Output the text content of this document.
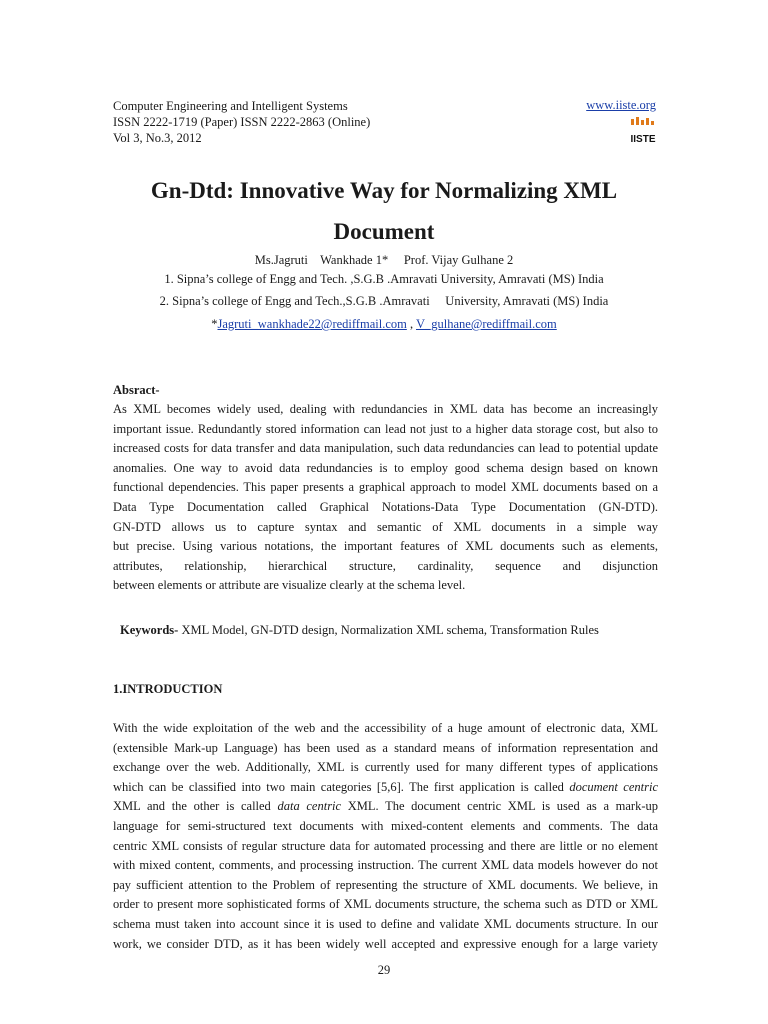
Computer Engineering and Intelligent Systems
ISSN 2222-1719 (Paper) ISSN 2222-2863 (Online)
Vol 3, No.3, 2012
www.iiste.org
IISTE
Gn-Dtd: Innovative Way for Normalizing XML
Document
Ms.Jagruti    Wankhade 1*     Prof. Vijay Gulhane 2
1. Sipna’s college of Engg and Tech. ,S.G.B .Amravati University, Amravati (MS) India
2. Sipna’s college of Engg and Tech.,S.G.B .Amravati     University, Amravati (MS) India
*Jagruti_wankhade22@rediffmail.com , V_gulhane@rediffmail.com
Absract-
As XML becomes widely used, dealing with redundancies in XML data has become an increasingly
important issue. Redundantly stored information can lead not just to a higher data storage cost, but also to
increased costs for data transfer and data manipulation, such data redundancies can lead to potential update
anomalies. One way to avoid data redundancies is to employ good schema design based on known
functional dependencies. This paper presents a graphical approach to model XML documents based on a
Data Type Documentation called Graphical Notations-Data Type Documentation (GN-DTD).
GN-DTD allows us to capture syntax and semantic of XML documents in a simple way
but precise. Using various notations, the important features of XML documents such as elements,
attributes, relationship, hierarchical structure, cardinality, sequence and disjunction
between elements or attribute are visualize clearly at the schema level.
Keywords- XML Model, GN-DTD design, Normalization XML schema, Transformation Rules
1.INTRODUCTION
With the wide exploitation of the web and the accessibility of a huge amount of electronic data, XML
(extensible Mark-up Language) has been used as a standard means of information representation and
exchange over the web. Additionally, XML is currently used for many different types of applications
which can be classified into two main categories [5,6]. The first application is called document centric
XML and the other is called data centric XML. The document centric XML is used as a mark-up
language for semi-structured text documents with mixed-content elements and comments. The data
centric XML consists of regular structure data for automated processing and there are little or no element
with mixed content, comments, and processing instruction. The current XML data models however do not
pay sufficient attention to the Problem of representing the structure of XML documents. We believe, in
order to present more sophisticated forms of XML documents structure, the schema such as DTD or XML
schema must taken into account since it is used to define and validate XML documents structure. In our
work, we consider DTD, as it has been widely well accepted and expressive enough for a large variety
29
